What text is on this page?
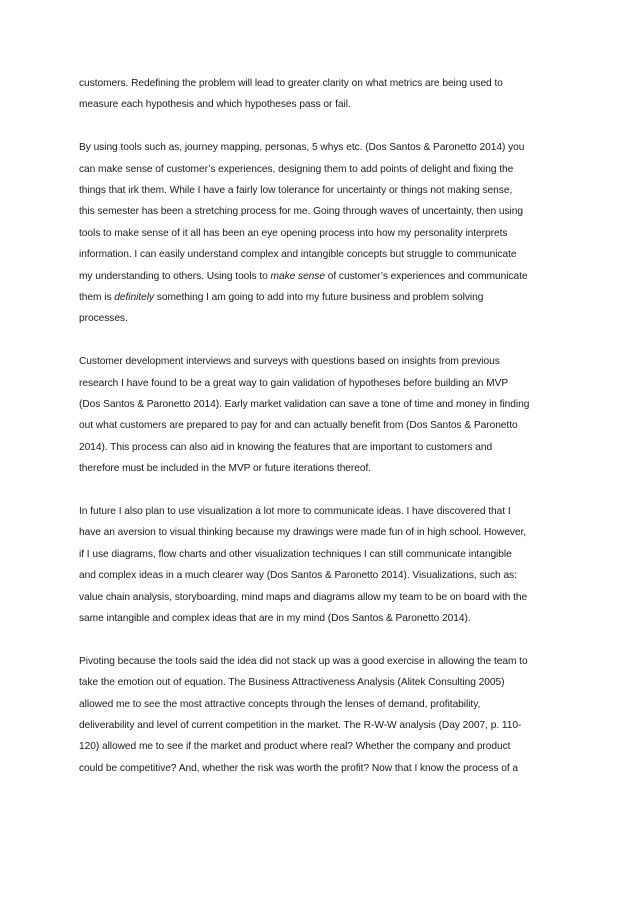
customers. Redefining the problem will lead to greater clarity on what metrics are being used to
measure each hypothesis and which hypotheses pass or fail.
By using tools such as, journey mapping, personas, 5 whys etc. (Dos Santos & Paronetto 2014) you
can make sense of customer’s experiences, designing them to add points of delight and fixing the
things that irk them. While I have a fairly low tolerance for uncertainty or things not making sense,
this semester has been a stretching process for me. Going through waves of uncertainty, then using
tools to make sense of it all has been an eye opening process into how my personality interprets
information. I can easily understand complex and intangible concepts but struggle to communicate
my understanding to others. Using tools to make sense of customer’s experiences and communicate
them is definitely something I am going to add into my future business and problem solving
processes.
Customer development interviews and surveys with questions based on insights from previous
research I have found to be a great way to gain validation of hypotheses before building an MVP
(Dos Santos & Paronetto 2014). Early market validation can save a tone of time and money in finding
out what customers are prepared to pay for and can actually benefit from (Dos Santos & Paronetto
2014). This process can also aid in knowing the features that are important to customers and
therefore must be included in the MVP or future iterations thereof.
In future I also plan to use visualization a lot more to communicate ideas. I have discovered that I
have an aversion to visual thinking because my drawings were made fun of in high school. However,
if I use diagrams, flow charts and other visualization techniques I can still communicate intangible
and complex ideas in a much clearer way (Dos Santos & Paronetto 2014). Visualizations, such as:
value chain analysis, storyboarding, mind maps and diagrams allow my team to be on board with the
same intangible and complex ideas that are in my mind (Dos Santos & Paronetto 2014).
Pivoting because the tools said the idea did not stack up was a good exercise in allowing the team to
take the emotion out of equation. The Business Attractiveness Analysis (Alitek Consulting 2005)
allowed me to see the most attractive concepts through the lenses of demand, profitability,
deliverability and level of current competition in the market. The R-W-W analysis (Day 2007, p. 110-
120) allowed me to see if the market and product where real? Whether the company and product
could be competitive? And, whether the risk was worth the profit? Now that I know the process of a
